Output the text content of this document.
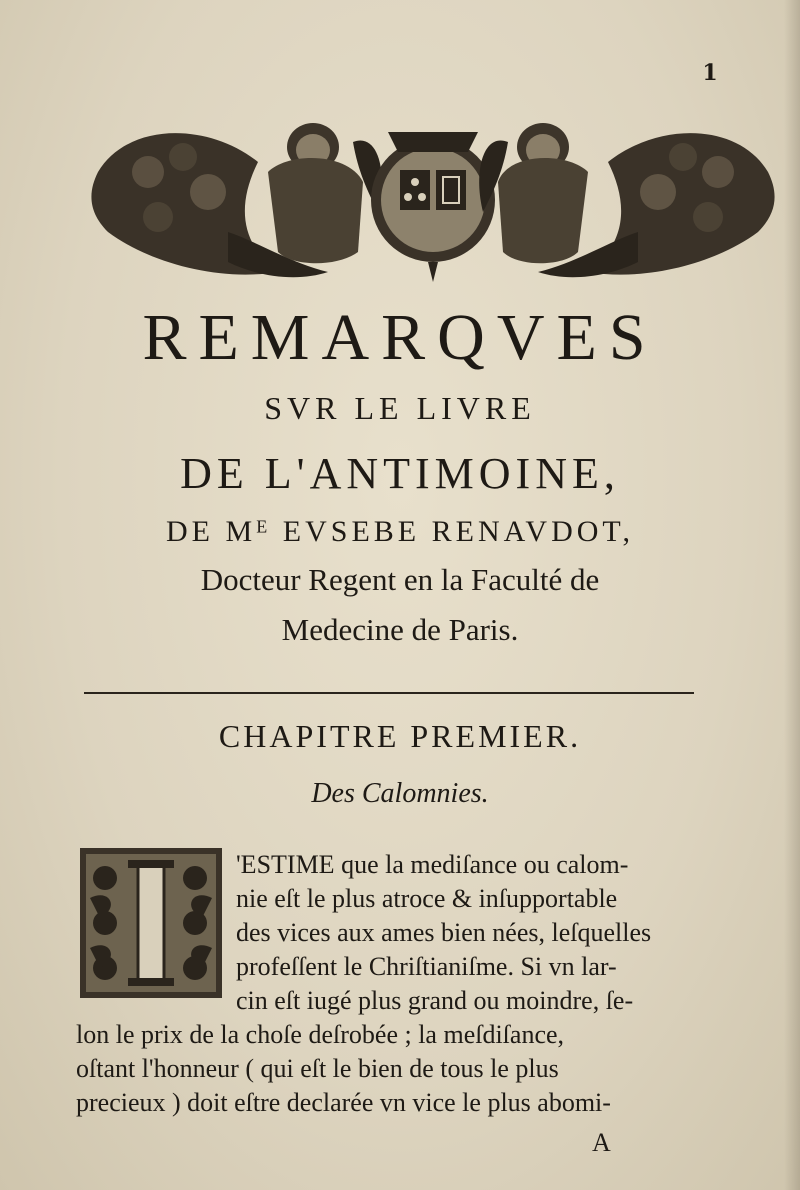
1
REMARQVES
SVR LE LIVRE
DE L'ANTIMOINE,
DE Mᴱ EVSEBE RENAVDOT,
Docteur Regent en la Faculté de
Medecine de Paris.
CHAPITRE PREMIER.
Des Calomnies.
'ESTIME que la mediſance ou calom-
nie eſt le plus atroce & inſupportable
des vices aux ames bien nées, leſquelles
profeſſent le Chriſtianiſme. Si vn lar-
cin eſt iugé plus grand ou moindre, ſe-
lon le prix de la choſe deſrobée ; la meſdiſance,
oſtant l'honneur ( qui eſt le bien de tous le plus
precieux ) doit eſtre declarée vn vice le plus abomi-
A
